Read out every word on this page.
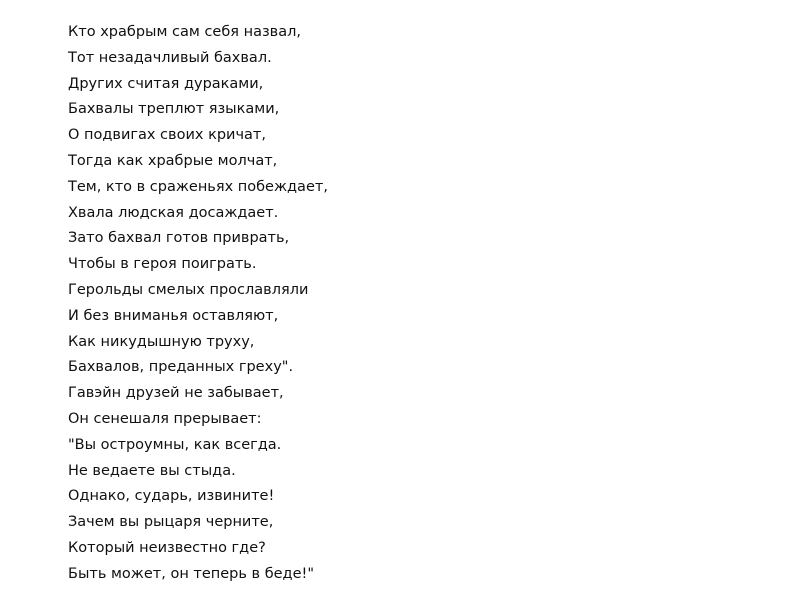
Кто храбрым сам себя назвал,
Тот незадачливый бахвал.
Других считая дураками,
Бахвалы треплют языками,
О подвигах своих кричат,
Тогда как храбрые молчат,
Тем, кто в сраженьях побеждает,
Хвала людская досаждает.
Зато бахвал готов приврать,
Чтобы в героя поиграть.
Герольды смелых прославляли
И без вниманья оставляют,
Как никудышную труху,
Бахвалов, преданных греху".
Гавэйн друзей не забывает,
Он сенешаля прерывает:
"Вы остроумны, как всегда.
Не ведаете вы стыда.
Однако, сударь, извините!
Зачем вы рыцаря черните,
Который неизвестно где?
Быть может, он теперь в беде!"
